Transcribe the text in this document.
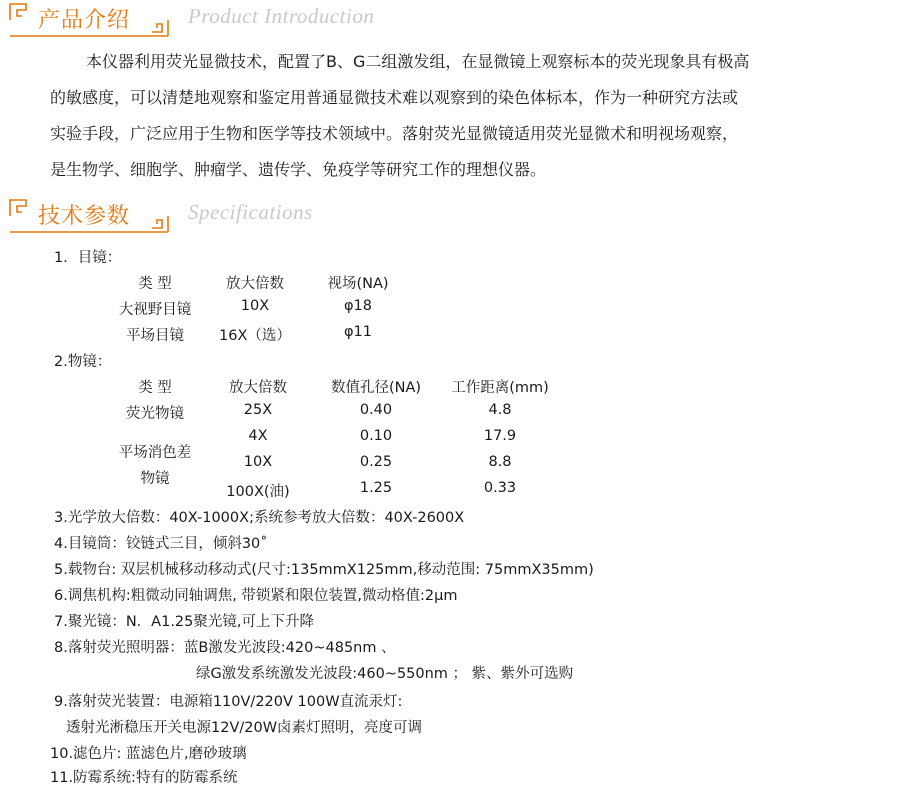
产品介绍	Product Introduction
本仪器利用荧光显微技术，配置了B、G二组激发组，在显微镜上观察标本的荧光现象具有极高
的敏感度，可以清楚地观察和鉴定用普通显微技术难以观察到的染色体标本，作为一种研究方法或
实验手段，广泛应用于生物和医学等技术领域中。落射荧光显微镜适用荧光显微术和明视场观察，
是生物学、细胞学、肿瘤学、遗传学、免疫学等研究工作的理想仪器。
技术参数	Specifications
1．目镜：
类 型	放大倍数	视场(NA)
大视野目镜	10X	φ18
平场目镜	16X（选）	φ11
2.物镜：
类 型	放大倍数	数值孔径(NA)	工作距离(mm)
荧光物镜	25X	0.40	4.8
平场消色差
物镜
4X	0.10	17.9
10X	0.25	8.8
100X(油)	1.25	0.33
3.光学放大倍数：40X-1000X;系统参考放大倍数：40X-2600X
4.目镜筒：铰链式三目，倾斜30˚
5.载物台: 双层机械移动移动式(尺寸:135mmX125mm,移动范围: 75mmX35mm)
6.调焦机构:粗微动同轴调焦, 带锁紧和限位装置,微动格值:2μm
7.聚光镜：N．A1.25聚光镜,可上下升降
8.落射荧光照明器：蓝B激发光波段:420~485nm 、
绿G激发系统激发光波段:460~550nm ； 紫、紫外可选购
9.落射荧光装置：电源箱110V/220V 100W直流汞灯:
透射光淅稳压开关电源12V/20W卤素灯照明，亮度可调
10.滤色片: 蓝滤色片,磨砂玻璃
11.防霉系统:特有的防霉系统
